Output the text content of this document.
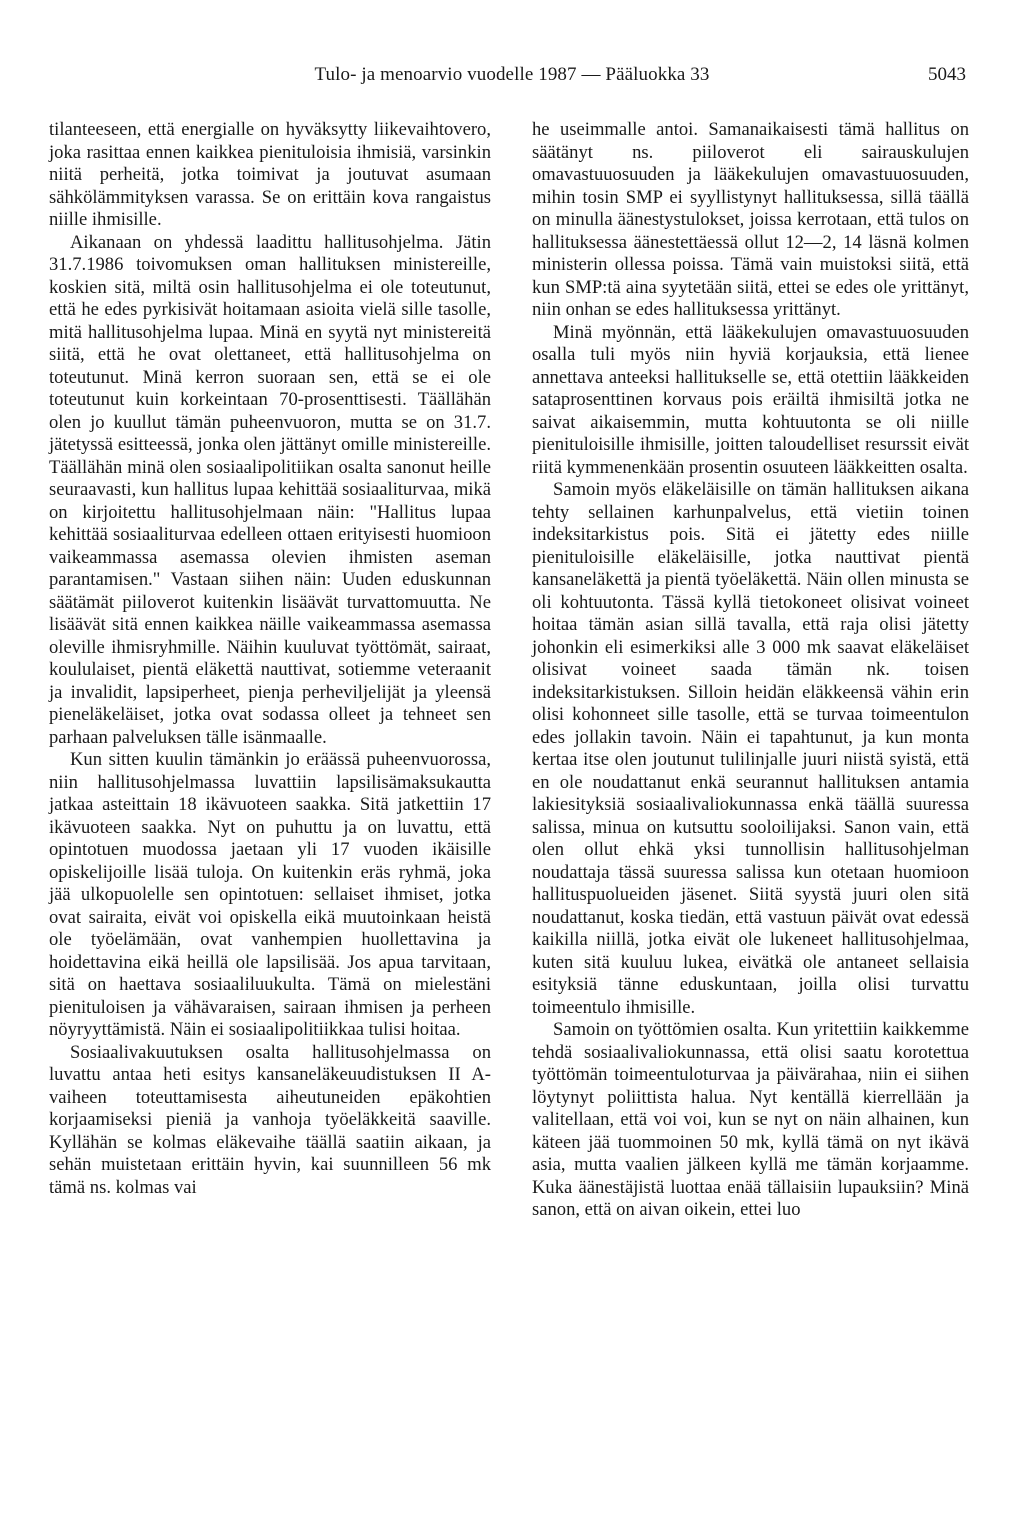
Tulo- ja menoarvio vuodelle 1987 — Pääluokka 33	5043

tilanteeseen, että energialle on hyväksytty liikevaihtovero, joka rasittaa ennen kaikkea pienituloisia ihmisiä, varsinkin niitä perheitä, jotka toimivat ja joutuvat asumaan sähkölämmityksen varassa. Se on erittäin kova rangaistus niille ihmisille.

Aikanaan on yhdessä laadittu hallitusohjelma. Jätin 31.7.1986 toivomuksen oman hallituksen ministereille, koskien sitä, miltä osin hallitusohjelma ei ole toteutunut, että he edes pyrkisivät hoitamaan asioita vielä sille tasolle, mitä hallitusohjelma lupaa. Minä en syytä nyt ministereitä siitä, että he ovat olettaneet, että hallitusohjelma on toteutunut. Minä kerron suoraan sen, että se ei ole toteutunut kuin korkeintaan 70-prosenttisesti. Täällähän olen jo kuullut tämän puheenvuoron, mutta se on 31.7. jätetyssä esitteessä, jonka olen jättänyt omille ministereille. Täällähän minä olen sosiaalipolitiikan osalta sanonut heille seuraavasti, kun hallitus lupaa kehittää sosiaaliturvaa, mikä on kirjoitettu hallitusohjelmaan näin: "Hallitus lupaa kehittää sosiaaliturvaa edelleen ottaen erityisesti huomioon vaikeammassa asemassa olevien ihmisten aseman parantamisen." Vastaan siihen näin: Uuden eduskunnan säätämät piiloverot kuitenkin lisäävät turvattomuutta. Ne lisäävät sitä ennen kaikkea näille vaikeammassa asemassa oleville ihmisryhmille. Näihin kuuluvat työttömät, sairaat, koululaiset, pientä eläkettä nauttivat, sotiemme veteraanit ja invalidit, lapsiperheet, pienja perheviljelijät ja yleensä pieneläkeläiset, jotka ovat sodassa olleet ja tehneet sen parhaan palveluksen tälle isänmaalle.

Kun sitten kuulin tämänkin jo eräässä puheenvuorossa, niin hallitusohjelmassa luvattiin lapsilisämaksukautta jatkaa asteittain 18 ikävuoteen saakka. Sitä jatkettiin 17 ikävuoteen saakka. Nyt on puhuttu ja on luvattu, että opintotuen muodossa jaetaan yli 17 vuoden ikäisille opiskelijoille lisää tuloja. On kuitenkin eräs ryhmä, joka jää ulkopuolelle sen opintotuen: sellaiset ihmiset, jotka ovat sairaita, eivät voi opiskella eikä muutoinkaan heistä ole työelämään, ovat vanhempien huollettavina ja hoidettavina eikä heillä ole lapsilisää. Jos apua tarvitaan, sitä on haettava sosiaaliluukulta. Tämä on mielestäni pienituloisen ja vähävaraisen, sairaan ihmisen ja perheen nöyryyttämistä. Näin ei sosiaalipolitiikkaa tulisi hoitaa.

Sosiaalivakuutuksen osalta hallitusohjelmassa on luvattu antaa heti esitys kansaneläkeuudistuksen II A-vaiheen toteuttamisesta aiheutuneiden epäkohtien korjaamiseksi pieniä ja vanhoja työeläkkeitä saaville. Kyllähän se kolmas eläkevaihe täällä saatiin aikaan, ja sehän muistetaan erittäin hyvin, kai suunnilleen 56 mk tämä ns. kolmas vai

he useimmalle antoi. Samanaikaisesti tämä hallitus on säätänyt ns. piiloverot eli sairauskulujen omavastuuosuuden ja lääkekulujen omavastuuosuuden, mihin tosin SMP ei syyllistynyt hallituksessa, sillä täällä on minulla äänestystulokset, joissa kerrotaan, että tulos on hallituksessa äänestettäessä ollut 12—2, 14 läsnä kolmen ministerin ollessa poissa. Tämä vain muistoksi siitä, että kun SMP:tä aina syytetään siitä, ettei se edes ole yrittänyt, niin onhan se edes hallituksessa yrittänyt.

Minä myönnän, että lääkekulujen omavastuuosuuden osalla tuli myös niin hyviä korjauksia, että lienee annettava anteeksi hallitukselle se, että otettiin lääkkeiden sataprosenttinen korvaus pois eräiltä ihmisiltä jotka ne saivat aikaisemmin, mutta kohtuutonta se oli niille pienituloisille ihmisille, joitten taloudelliset resurssit eivät riitä kymmenenkään prosentin osuuteen lääkkeitten osalta.

Samoin myös eläkeläisille on tämän hallituksen aikana tehty sellainen karhunpalvelus, että vietiin toinen indeksitarkistus pois. Sitä ei jätetty edes niille pienituloisille eläkeläisille, jotka nauttivat pientä kansaneläkettä ja pientä työeläkettä. Näin ollen minusta se oli kohtuutonta. Tässä kyllä tietokoneet olisivat voineet hoitaa tämän asian sillä tavalla, että raja olisi jätetty johonkin eli esimerkiksi alle 3 000 mk saavat eläkeläiset olisivat voineet saada tämän nk. toisen indeksitarkistuksen. Silloin heidän eläkkeensä vähin erin olisi kohonneet sille tasolle, että se turvaa toimeentulon edes jollakin tavoin. Näin ei tapahtunut, ja kun monta kertaa itse olen joutunut tulilinjalle juuri niistä syistä, että en ole noudattanut enkä seurannut hallituksen antamia lakiesityksiä sosiaalivaliokunnassa enkä täällä suuressa salissa, minua on kutsuttu sooloilijaksi. Sanon vain, että olen ollut ehkä yksi tunnollisin hallitusohjelman noudattaja tässä suuressa salissa kun otetaan huomioon hallituspuolueiden jäsenet. Siitä syystä juuri olen sitä noudattanut, koska tiedän, että vastuun päivät ovat edessä kaikilla niillä, jotka eivät ole lukeneet hallitusohjelmaa, kuten sitä kuuluu lukea, eivätkä ole antaneet sellaisia esityksiä tänne eduskuntaan, joilla olisi turvattu toimeentulo ihmisille.

Samoin on työttömien osalta. Kun yritettiin kaikkemme tehdä sosiaalivaliokunnassa, että olisi saatu korotettua työttömän toimeentuloturvaa ja päivärahaa, niin ei siihen löytynyt poliittista halua. Nyt kentällä kierrellään ja valitellaan, että voi voi, kun se nyt on näin alhainen, kun käteen jää tuommoinen 50 mk, kyllä tämä on nyt ikävä asia, mutta vaalien jälkeen kyllä me tämän korjaamme. Kuka äänestäjistä luottaa enää tällaisiin lupauksiin? Minä sanon, että on aivan oikein, ettei luo
